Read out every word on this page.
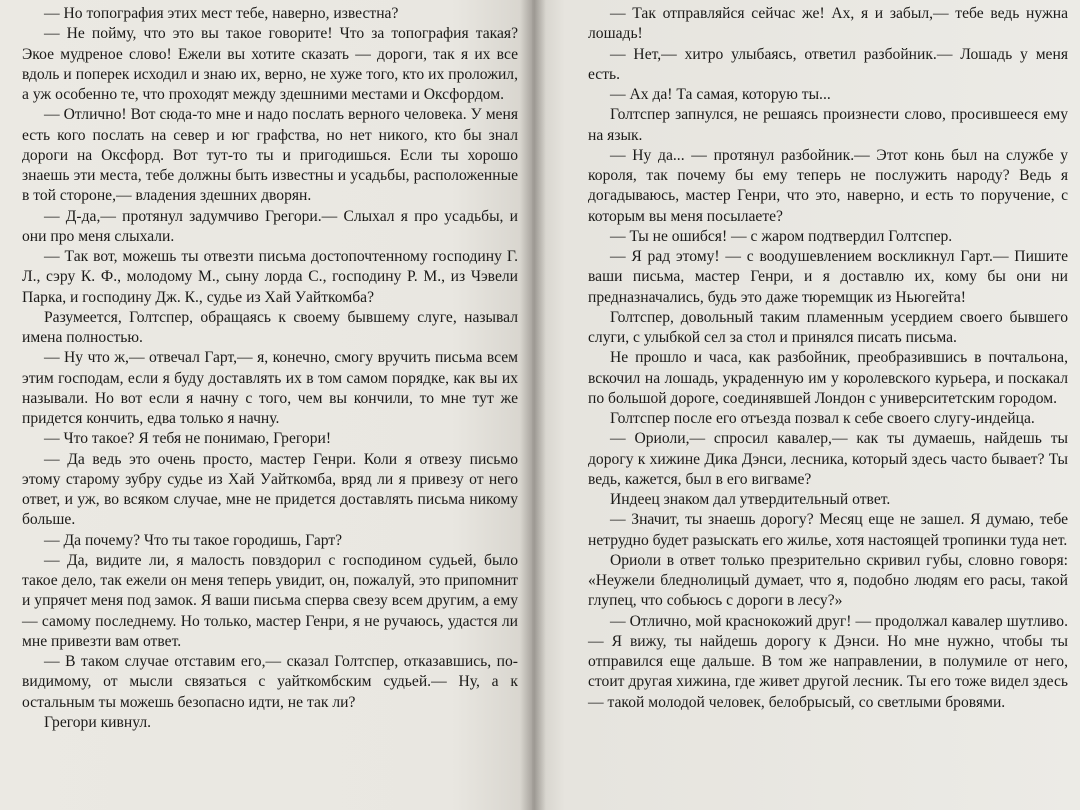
— Но топография этих мест тебе, наверно, известна?

— Не пойму, что это вы такое говорите! Что за топография такая? Экое мудреное слово! Ежели вы хотите сказать — дороги, так я их все вдоль и поперек исходил и знаю их, верно, не хуже того, кто их проложил, а уж особенно те, что проходят между здешними местами и Оксфордом.

— Отлично! Вот сюда-то мне и надо послать верного человека. У меня есть кого послать на север и юг графства, но нет никого, кто бы знал дороги на Оксфорд. Вот тут-то ты и пригодишься. Если ты хорошо знаешь эти места, тебе должны быть известны и усадьбы, расположенные в той стороне,— владения здешних дворян.

— Д-да,— протянул задумчиво Грегори.— Слыхал я про усадьбы, и они про меня слыхали.

— Так вот, можешь ты отвезти письма достопочтенному господину Г. Л., сэру К. Ф., молодому М., сыну лорда С., господину Р. М., из Чэвели Парка, и господину Дж. К., судье из Хай Уайткомба?

Разумеется, Голтспер, обращаясь к своему бывшему слуге, называл имена полностью.

— Ну что ж,— отвечал Гарт,— я, конечно, смогу вручить письма всем этим господам, если я буду доставлять их в том самом порядке, как вы их называли. Но вот если я начну с того, чем вы кончили, то мне тут же придется кончить, едва только я начну.

— Что такое? Я тебя не понимаю, Грегори!

— Да ведь это очень просто, мастер Генри. Коли я отвезу письмо этому старому зубру судье из Хай Уайткомба, вряд ли я привезу от него ответ, и уж, во всяком случае, мне не придется доставлять письма никому больше.

— Да почему? Что ты такое городишь, Гарт?

— Да, видите ли, я малость повздорил с господином судьей, было такое дело, так ежели он меня теперь увидит, он, пожалуй, это припомнит и упрячет меня под замок. Я ваши письма сперва свезу всем другим, а ему — самому последнему. Но только, мастер Генри, я не ручаюсь, удастся ли мне привезти вам ответ.

— В таком случае отставим его,— сказал Голтспер, отказавшись, по-видимому, от мысли связаться с уайткомбским судьей.— Ну, а к остальным ты можешь безопасно идти, не так ли?

Грегори кивнул.

— Так отправляйся сейчас же! Ах, я и забыл,— тебе ведь нужна лошадь!

— Нет,— хитро улыбаясь, ответил разбойник.— Лошадь у меня есть.

— Ах да! Та самая, которую ты...

Голтспер запнулся, не решаясь произнести слово, просившееся ему на язык.

— Ну да... — протянул разбойник.— Этот конь был на службе у короля, так почему бы ему теперь не послужить народу? Ведь я догадываюсь, мастер Генри, что это, наверно, и есть то поручение, с которым вы меня посылаете?

— Ты не ошибся! — с жаром подтвердил Голтспер.

— Я рад этому! — с воодушевлением воскликнул Гарт.— Пишите ваши письма, мастер Генри, и я доставлю их, кому бы они ни предназначались, будь это даже тюремщик из Ньюгейта!

Голтспер, довольный таким пламенным усердием своего бывшего слуги, с улыбкой сел за стол и принялся писать письма.

Не прошло и часа, как разбойник, преобразившись в почтальона, вскочил на лошадь, украденную им у королевского курьера, и поскакал по большой дороге, соединявшей Лондон с университетским городом.

Голтспер после его отъезда позвал к себе своего слугу-индейца.

— Ориоли,— спросил кавалер,— как ты думаешь, найдешь ты дорогу к хижине Дика Дэнси, лесника, который здесь часто бывает? Ты ведь, кажется, был в его вигваме?

Индеец знаком дал утвердительный ответ.

— Значит, ты знаешь дорогу? Месяц еще не зашел. Я думаю, тебе нетрудно будет разыскать его жилье, хотя настоящей тропинки туда нет.

Ориоли в ответ только презрительно скривил губы, словно говоря: «Неужели бледнолицый думает, что я, подобно людям его расы, такой глупец, что собьюсь с дороги в лесу?»

— Отлично, мой краснокожий друг! — продолжал кавалер шутливо.— Я вижу, ты найдешь дорогу к Дэнси. Но мне нужно, чтобы ты отправился еще дальше. В том же направлении, в полумиле от него, стоит другая хижина, где живет другой лесник. Ты его тоже видел здесь — такой молодой человек, белобрысый, со светлыми бровями.
